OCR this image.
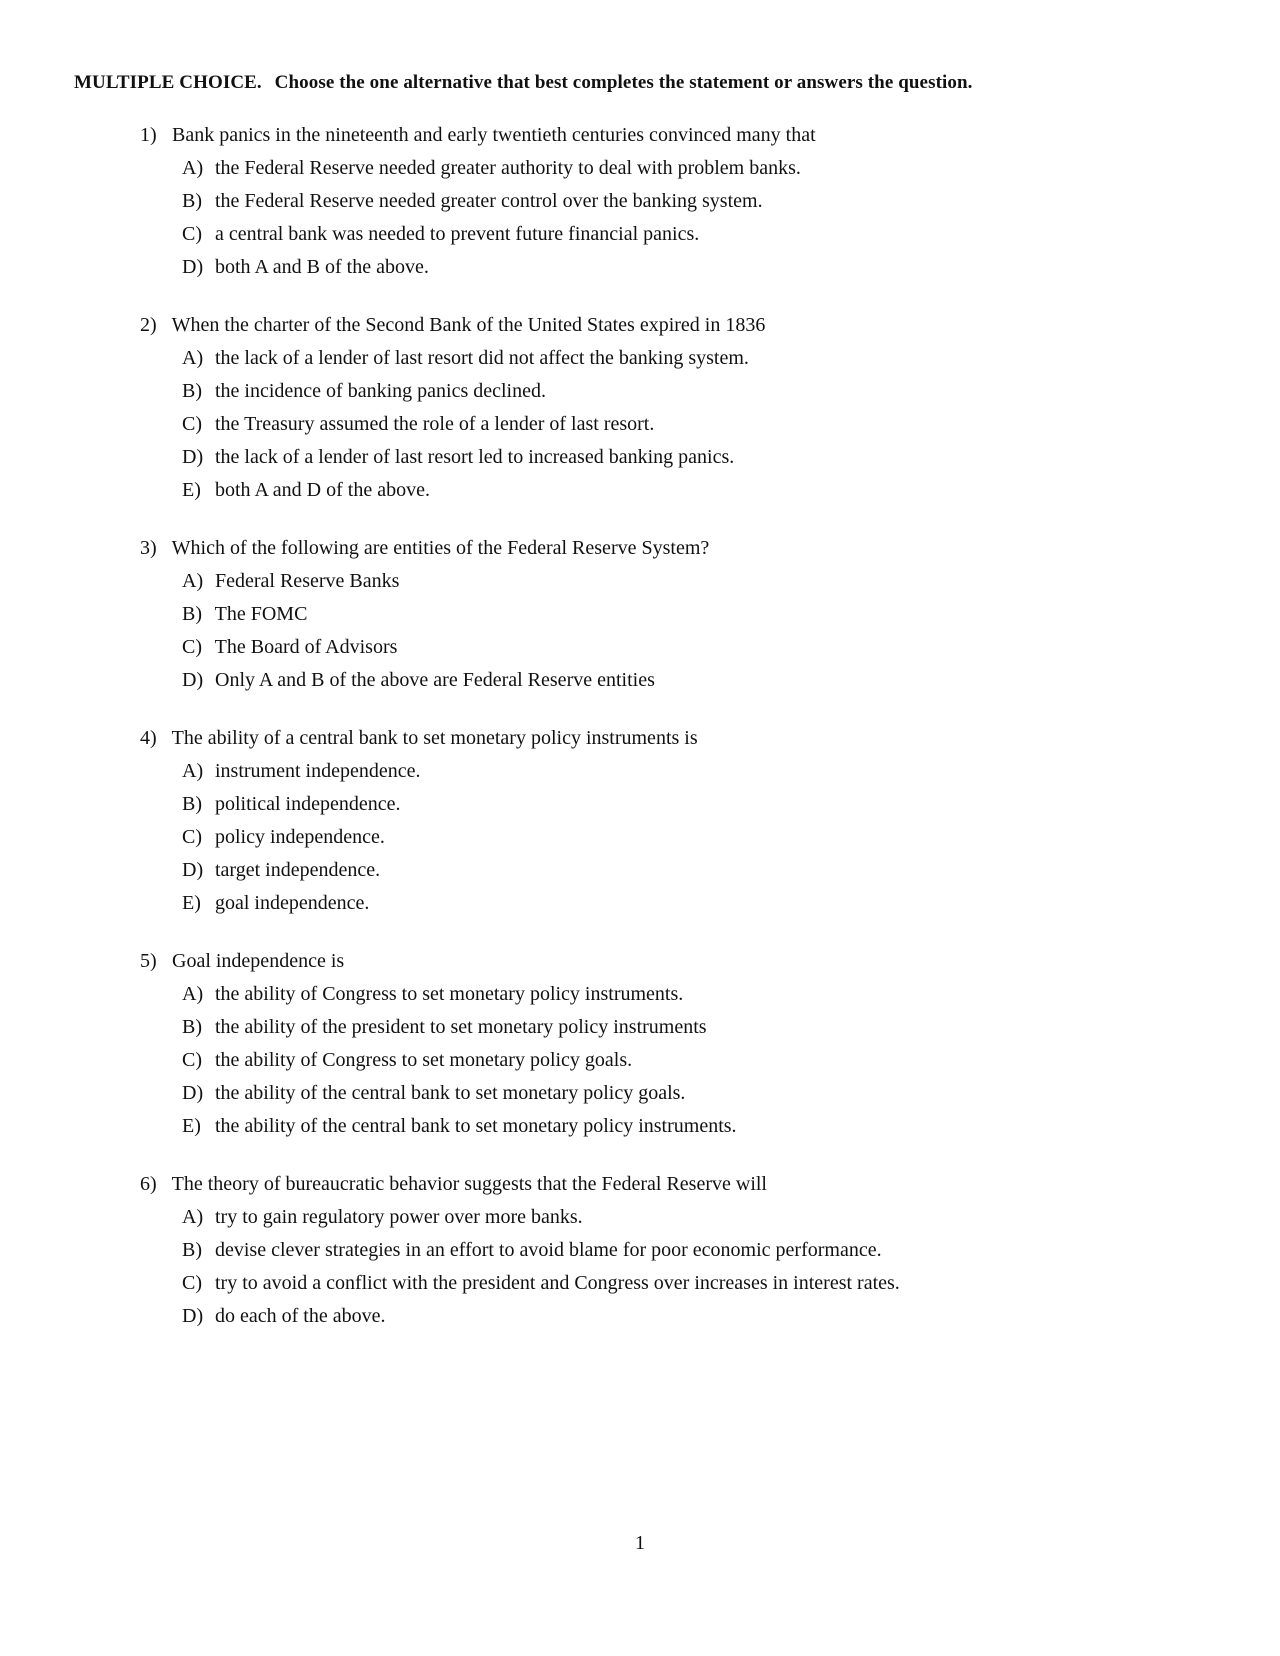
MULTIPLE CHOICE. Choose the one alternative that best completes the statement or answers the question.
1) Bank panics in the nineteenth and early twentieth centuries convinced many that
A) the Federal Reserve needed greater authority to deal with problem banks.
B) the Federal Reserve needed greater control over the banking system.
C) a central bank was needed to prevent future financial panics.
D) both A and B of the above.
2) When the charter of the Second Bank of the United States expired in 1836
A) the lack of a lender of last resort did not affect the banking system.
B) the incidence of banking panics declined.
C) the Treasury assumed the role of a lender of last resort.
D) the lack of a lender of last resort led to increased banking panics.
E) both A and D of the above.
3) Which of the following are entities of the Federal Reserve System?
A) Federal Reserve Banks
B) The FOMC
C) The Board of Advisors
D) Only A and B of the above are Federal Reserve entities
4) The ability of a central bank to set monetary policy instruments is
A) instrument independence.
B) political independence.
C) policy independence.
D) target independence.
E) goal independence.
5) Goal independence is
A) the ability of Congress to set monetary policy instruments.
B) the ability of the president to set monetary policy instruments
C) the ability of Congress to set monetary policy goals.
D) the ability of the central bank to set monetary policy goals.
E) the ability of the central bank to set monetary policy instruments.
6) The theory of bureaucratic behavior suggests that the Federal Reserve will
A) try to gain regulatory power over more banks.
B) devise clever strategies in an effort to avoid blame for poor economic performance.
C) try to avoid a conflict with the president and Congress over increases in interest rates.
D) do each of the above.
1
